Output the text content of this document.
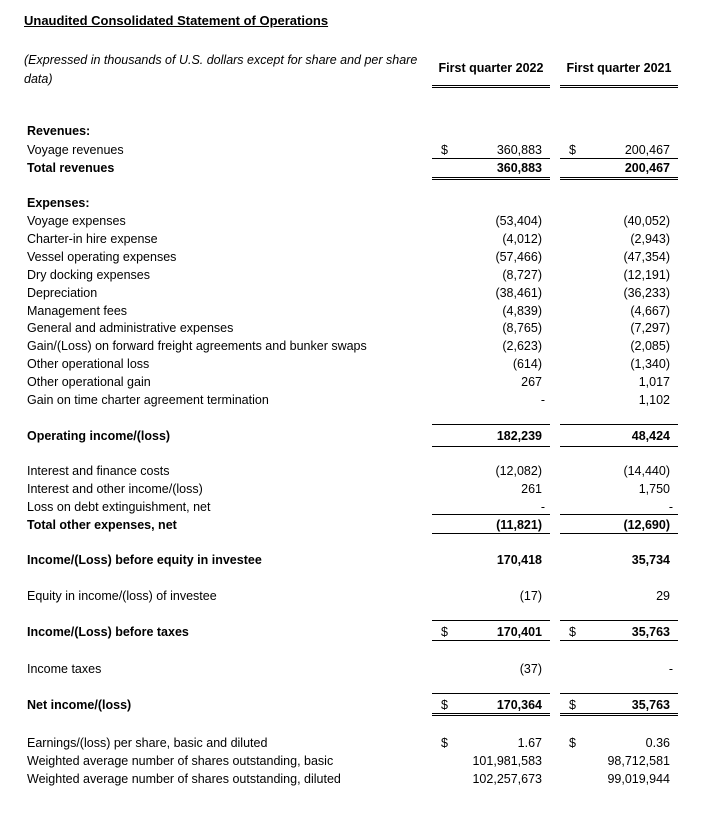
Unaudited Consolidated Statement of Operations
(Expressed in thousands of U.S. dollars except for share and per share data)
First quarter 2022	First quarter 2021
Revenues:
Voyage revenues	$	360,883 $	200,467
Total revenues	360,883	200,467
Expenses:
Voyage expenses	(53,404)	(40,052)
Charter-in hire expense	(4,012)	(2,943)
Vessel operating expenses	(57,466)	(47,354)
Dry docking expenses	(8,727)	(12,191)
Depreciation	(38,461)	(36,233)
Management fees	(4,839)	(4,667)
General and administrative expenses	(8,765)	(7,297)
Gain/(Loss) on forward freight agreements and bunker swaps	(2,623)	(2,085)
Other operational loss	(614)	(1,340)
Other operational gain	267	1,017
Gain on time charter agreement termination	-	1,102
Operating income/(loss)	182,239	48,424
Interest and finance costs	(12,082)	(14,440)
Interest and other income/(loss)	261	1,750
Loss on debt extinguishment, net	-	-
Total other expenses, net	(11,821)	(12,690)
Income/(Loss) before equity in investee	170,418	35,734
Equity in income/(loss) of investee	(17)	29
Income/(Loss) before taxes	$	170,401 $	35,763
Income taxes	(37)	-
Net income/(loss)	$	170,364 $	35,763
Earnings/(loss) per share, basic and diluted	$	1.67 $	0.36
Weighted average number of shares outstanding, basic	101,981,583	98,712,581
Weighted average number of shares outstanding, diluted	102,257,673	99,019,944
